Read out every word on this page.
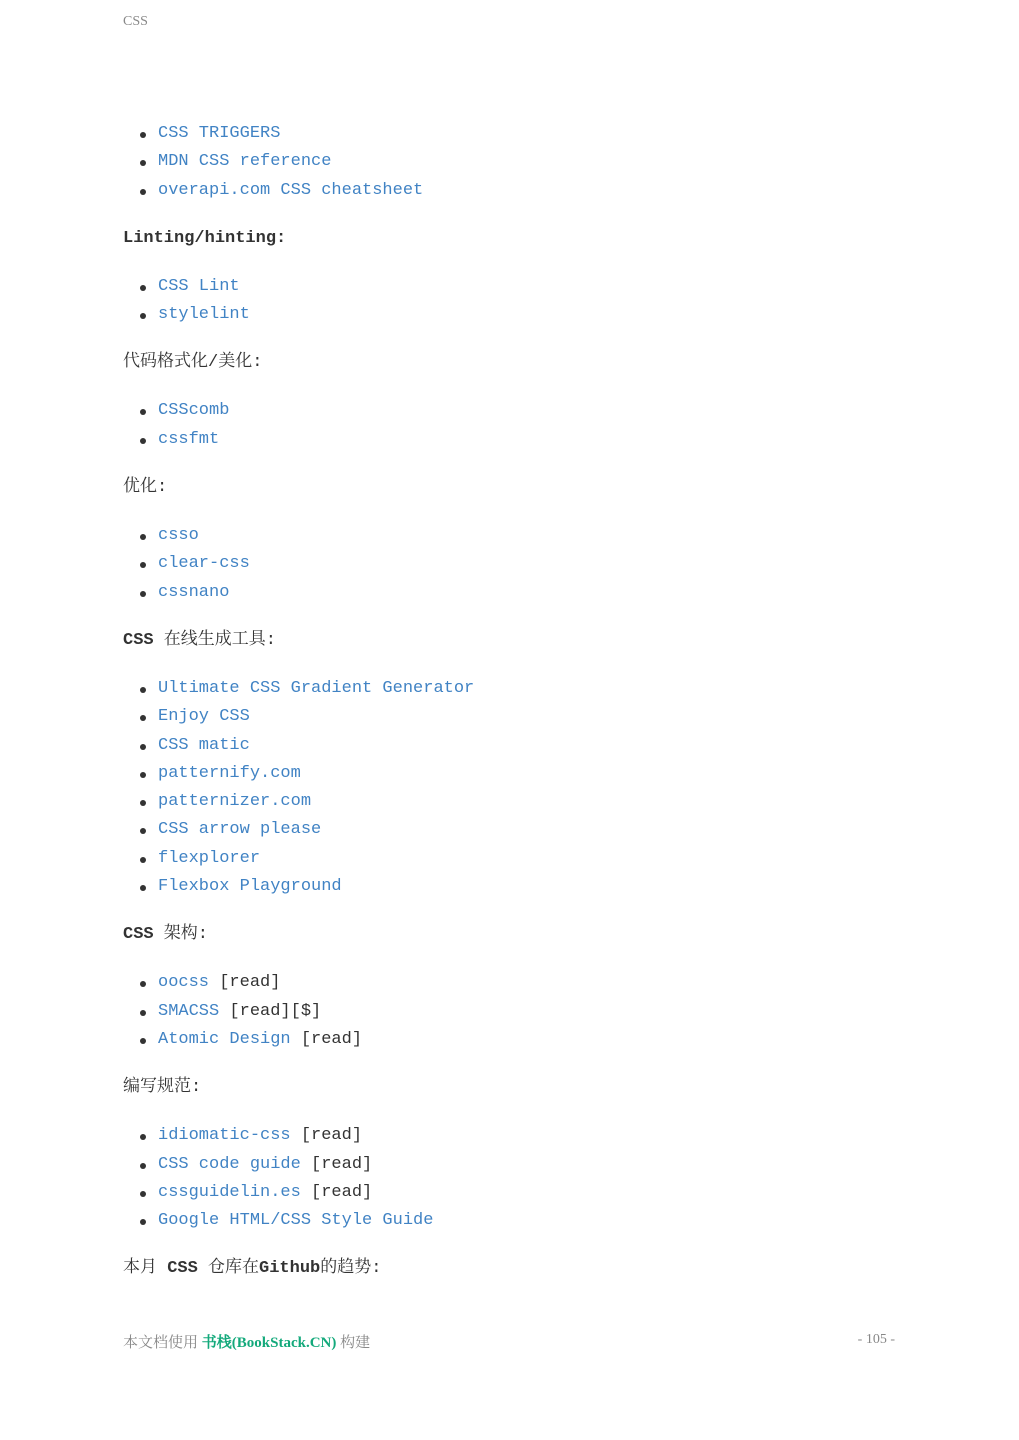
CSS
CSS TRIGGERS
MDN CSS reference
overapi.com CSS cheatsheet
Linting/hinting:
CSS Lint
stylelint
代码格式化/美化:
CSScomb
cssfmt
优化:
csso
clear-css
cssnano
CSS 在线生成工具:
Ultimate CSS Gradient Generator
Enjoy CSS
CSS matic
patternify.com
patternizer.com
CSS arrow please
flexplorer
Flexbox Playground
CSS 架构:
oocss [read]
SMACSS [read][$]
Atomic Design [read]
编写规范:
idiomatic-css [read]
CSS code guide [read]
cssguidelin.es [read]
Google HTML/CSS Style Guide
本月 CSS 仓库在Github的趋势:
本文档使用 书栈(BookStack.CN) 构建	- 105 -
